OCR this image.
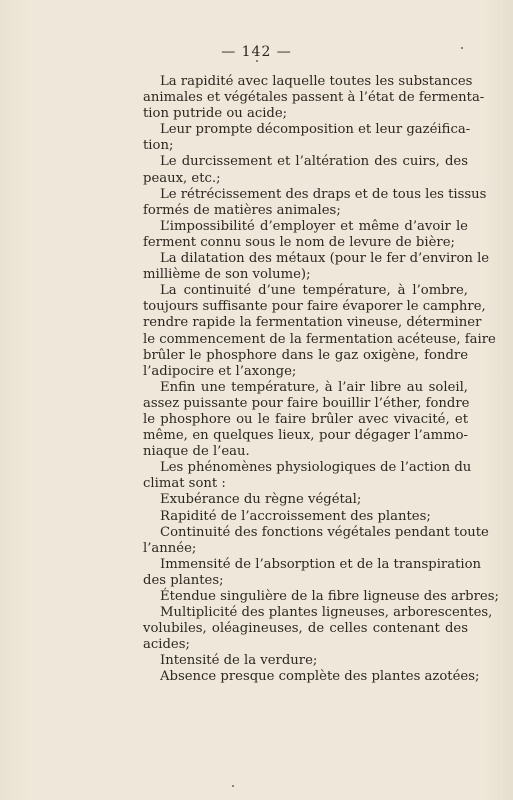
— 142 —
La rapidité avec laquelle toutes les substances
animales et végétales passent à l’état de fermenta-
tion putride ou acide;
Leur prompte décomposition et leur gazéifica-
tion;
Le durcissement et l’altération des cuirs, des
peaux, etc.;
Le rétrécissement des draps et de tous les tissus
formés de matières animales;
L’impossibilité d’employer et même d’avoir le
ferment connu sous le nom de levure de bière;
La dilatation des métaux (pour le fer d’environ le
millième de son volume);
La continuité d’une température, à l’ombre,
toujours suffisante pour faire évaporer le camphre,
rendre rapide la fermentation vineuse, déterminer
le commencement de la fermentation acéteuse, faire
brûler le phosphore dans le gaz oxigène, fondre
l’adipocire et l’axonge;
Enfin une température, à l’air libre au soleil,
assez puissante pour faire bouillir l’éther, fondre
le phosphore ou le faire brûler avec vivacité, et
même, en quelques lieux, pour dégager l’ammo-
niaque de l’eau.
Les phénomènes physiologiques de l’action du
climat sont :
Exubérance du règne végétal;
Rapidité de l’accroissement des plantes;
Continuité des fonctions végétales pendant toute
l’année;
Immensité de l’absorption et de la transpiration
des plantes;
Étendue singulière de la fibre ligneuse des arbres;
Multiplicité des plantes ligneuses, arborescentes,
volubiles, oléagineuses, de celles contenant des
acides;
Intensité de la verdure;
Absence presque complète des plantes azotées;
